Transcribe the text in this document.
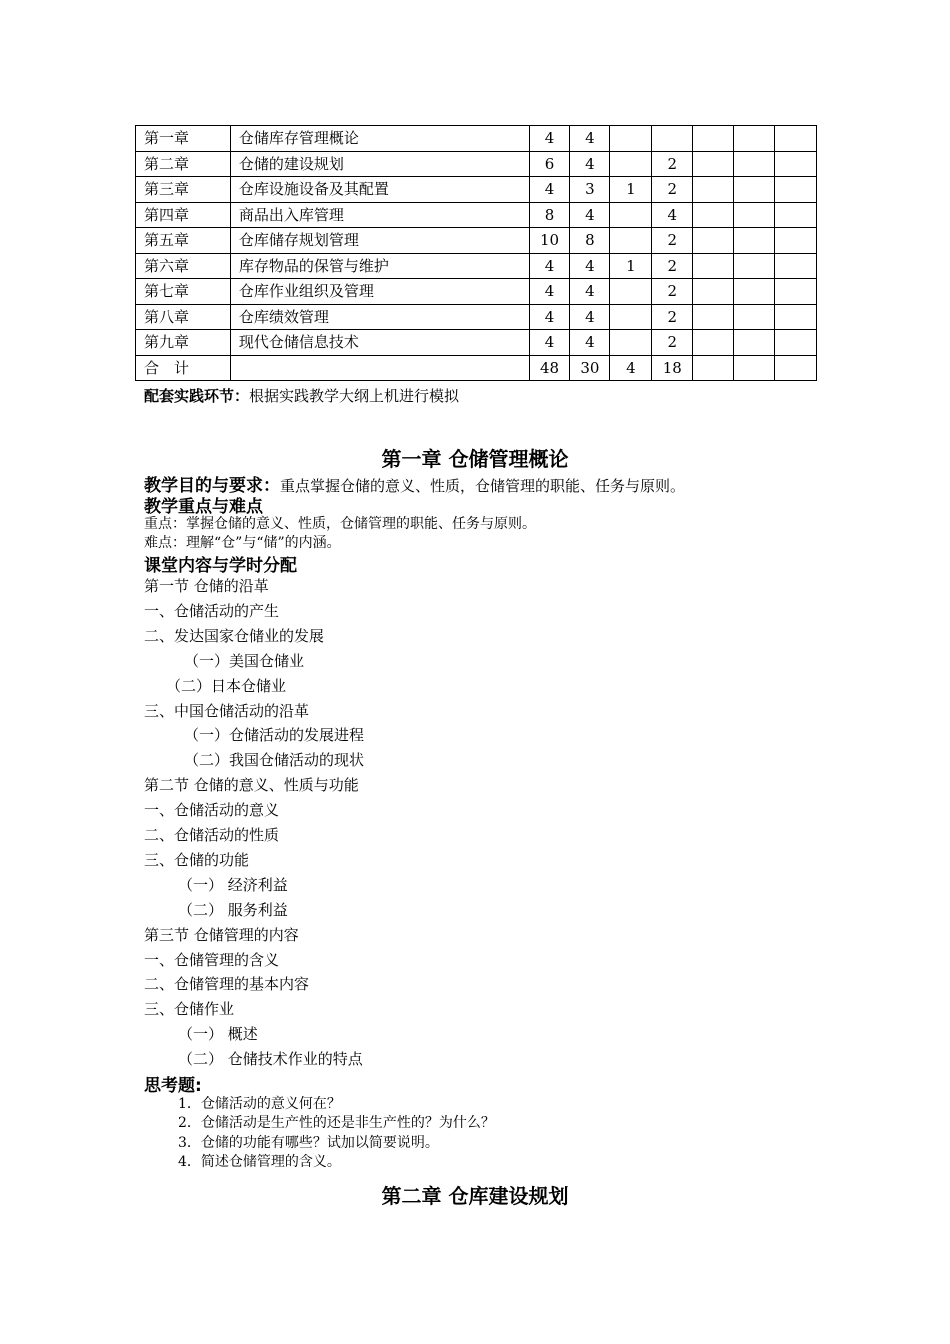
第一章	仓储库存管理概论	4	4					
第二章	仓储的建设规划	6	4		2			
第三章	仓库设施设备及其配置	4	3	1	2			
第四章	商品出入库管理	8	4		4			
第五章	仓库储存规划管理	10	8		2			
第六章	库存物品的保管与维护	4	4	1	2			
第七章	仓库作业组织及管理	4	4		2			
第八章	仓库绩效管理	4	4		2			
第九章	现代仓储信息技术	4	4		2			
合　计		48	30	4	18			
配套实践环节：根据实践教学大纲上机进行模拟
第一章 仓储管理概论
教学目的与要求：重点掌握仓储的意义、性质，仓储管理的职能、任务与原则。
教学重点与难点
重点：掌握仓储的意义、性质，仓储管理的职能、任务与原则。
难点：理解“仓”与“储”的内涵。
课堂内容与学时分配
第一节 仓储的沿革
一、仓储活动的产生
二、发达国家仓储业的发展
（一）美国仓储业
（二）日本仓储业
三、中国仓储活动的沿革
（一）仓储活动的发展进程
（二）我国仓储活动的现状
第二节 仓储的意义、性质与功能
一、仓储活动的意义
二、仓储活动的性质
三、仓储的功能
（一） 经济利益
（二） 服务利益
第三节 仓储管理的内容
一、仓储管理的含义
二、仓储管理的基本内容
三、仓储作业
（一） 概述
（二） 仓储技术作业的特点
思考题:
1．仓储活动的意义何在？
2．仓储活动是生产性的还是非生产性的？为什么？
3．仓储的功能有哪些？试加以简要说明。
4．简述仓储管理的含义。
第二章 仓库建设规划
